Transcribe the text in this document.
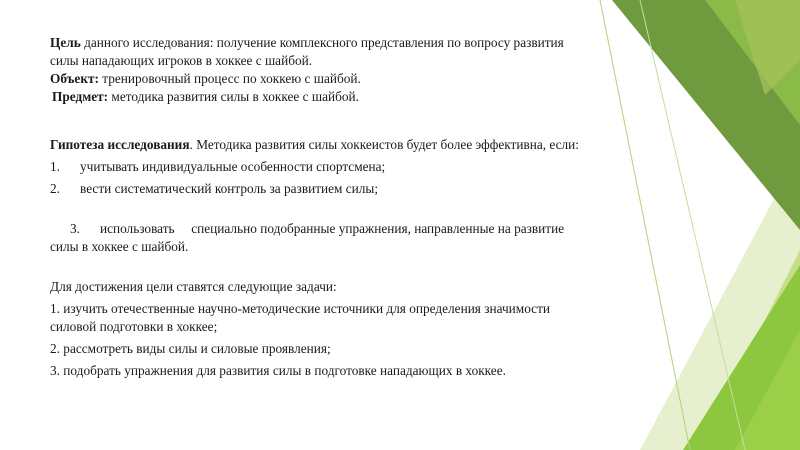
Цель данного исследования: получение комплексного представления по вопросу развития силы нападающих игроков в хоккее с шайбой.

Объект: тренировочный процесс по хоккею с шайбой.

Предмет: методика развития силы в хоккее с шайбой.

Гипотеза исследования. Методика развития силы хоккеистов будет более эффективна, если:

1. учитывать индивидуальные особенности спортсмена;

2. вести систематический контроль за развитием силы;

3. использовать     специально подобранные упражнения, направленные на развитие силы в хоккее с шайбой.

Для достижения цели ставятся следующие задачи:

1. изучить отечественные научно-методические источники для определения значимости силовой подготовки в хоккее;

2. рассмотреть виды силы и силовые проявления;

3. подобрать упражнения для развития силы в подготовке нападающих в хоккее.
